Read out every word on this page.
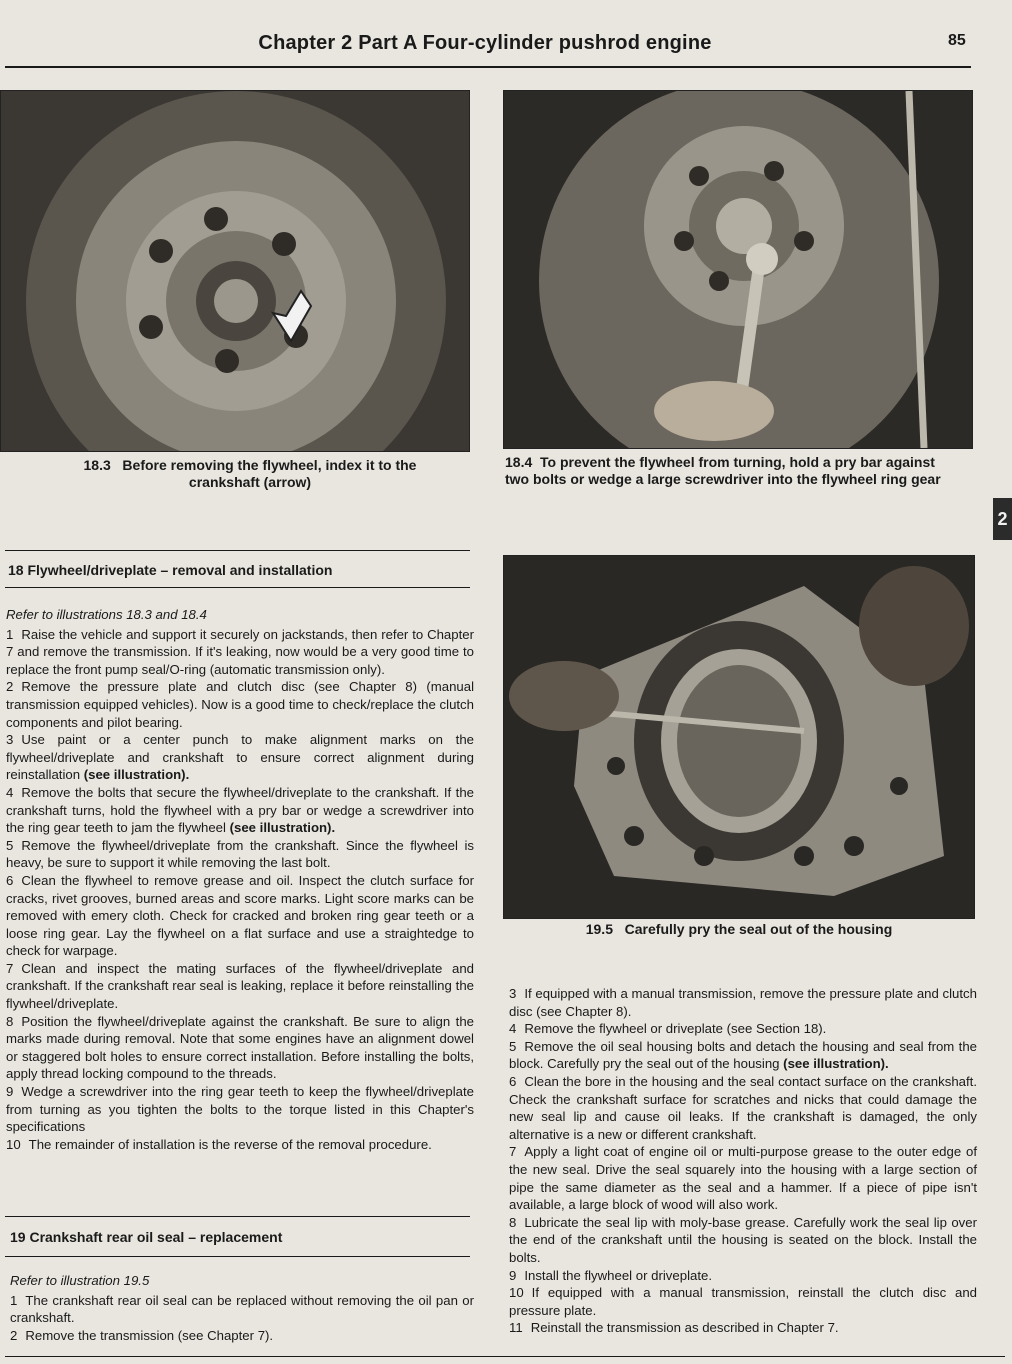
Chapter 2 Part A Four-cylinder pushrod engine	85
18.3 Before removing the flywheel, index it to the
crankshaft (arrow)
18.4 To prevent the flywheel from turning, hold a pry bar against
two bolts or wedge a large screwdriver into the flywheel ring gear
2
18 Flywheel/driveplate – removal and installation

Refer to illustrations 18.3 and 18.4

1 Raise the vehicle and support it securely on jackstands, then refer to Chapter 7 and remove the transmission. If it's leaking, now would be a very good time to replace the front pump seal/O-ring (automatic transmission only).

2 Remove the pressure plate and clutch disc (see Chapter 8) (manual transmission equipped vehicles). Now is a good time to check/replace the clutch components and pilot bearing.

3 Use paint or a center punch to make alignment marks on the flywheel/driveplate and crankshaft to ensure correct alignment during reinstallation (see illustration).

4 Remove the bolts that secure the flywheel/driveplate to the crankshaft. If the crankshaft turns, hold the flywheel with a pry bar or wedge a screwdriver into the ring gear teeth to jam the flywheel (see illustration).

5 Remove the flywheel/driveplate from the crankshaft. Since the flywheel is heavy, be sure to support it while removing the last bolt.

6 Clean the flywheel to remove grease and oil. Inspect the clutch surface for cracks, rivet grooves, burned areas and score marks. Light score marks can be removed with emery cloth. Check for cracked and broken ring gear teeth or a loose ring gear. Lay the flywheel on a flat surface and use a straightedge to check for warpage.

7 Clean and inspect the mating surfaces of the flywheel/driveplate and crankshaft. If the crankshaft rear seal is leaking, replace it before reinstalling the flywheel/driveplate.

8 Position the flywheel/driveplate against the crankshaft. Be sure to align the marks made during removal. Note that some engines have an alignment dowel or staggered bolt holes to ensure correct installation. Before installing the bolts, apply thread locking compound to the threads.

9 Wedge a screwdriver into the ring gear teeth to keep the flywheel/driveplate from turning as you tighten the bolts to the torque listed in this Chapter's specifications

10 The remainder of installation is the reverse of the removal procedure.

19 Crankshaft rear oil seal – replacement

Refer to illustration 19.5

1 The crankshaft rear oil seal can be replaced without removing the oil pan or crankshaft.

2 Remove the transmission (see Chapter 7).

19.5 Carefully pry the seal out of the housing

3 If equipped with a manual transmission, remove the pressure plate and clutch disc (see Chapter 8).

4 Remove the flywheel or driveplate (see Section 18).

5 Remove the oil seal housing bolts and detach the housing and seal from the block. Carefully pry the seal out of the housing (see illustration).

6 Clean the bore in the housing and the seal contact surface on the crankshaft. Check the crankshaft surface for scratches and nicks that could damage the new seal lip and cause oil leaks. If the crankshaft is damaged, the only alternative is a new or different crankshaft.

7 Apply a light coat of engine oil or multi-purpose grease to the outer edge of the new seal. Drive the seal squarely into the housing with a large section of pipe the same diameter as the seal and a hammer. If a piece of pipe isn't available, a large block of wood will also work.

8 Lubricate the seal lip with moly-base grease. Carefully work the seal lip over the end of the crankshaft until the housing is seated on the block. Install the bolts.

9 Install the flywheel or driveplate.

10 If equipped with a manual transmission, reinstall the clutch disc and pressure plate.

11 Reinstall the transmission as described in Chapter 7.
